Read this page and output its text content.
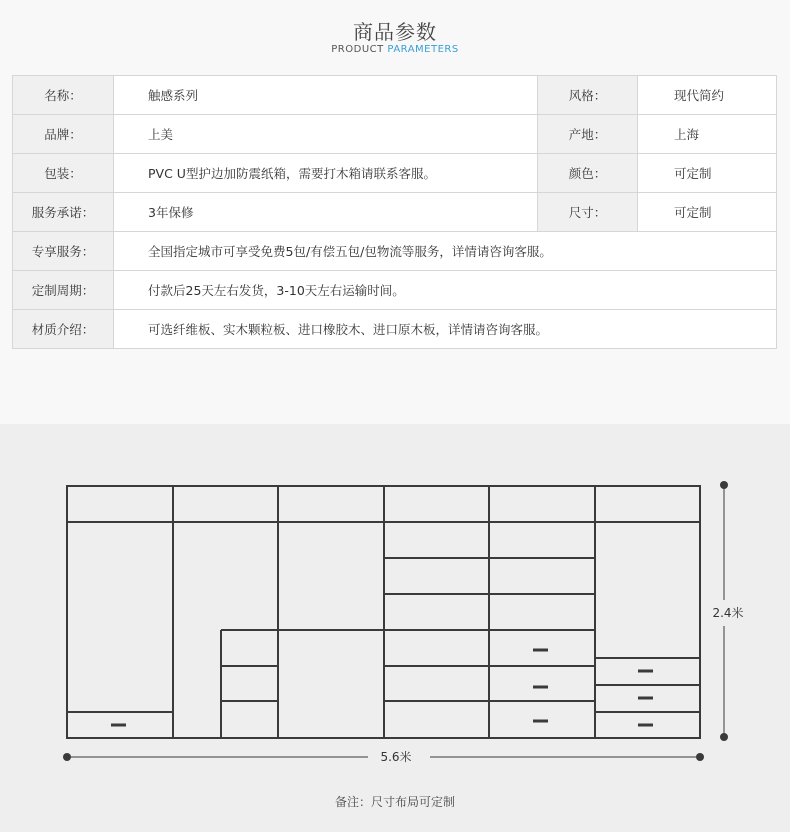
商品参数
PRODUCT PARAMETERS
名称：	触感系列	风格：	现代简约
品牌：	上美	产地：	上海
包装：	PVC U型护边加防震纸箱，需要打木箱请联系客服。	颜色：	可定制
服务承诺：	3年保修	尺寸：	可定制
专享服务：	全国指定城市可享受免费5包/有偿五包/包物流等服务，详情请咨询客服。		
定制周期：	付款后25天左右发货，3-10天左右运输时间。		
材质介绍：	可选纤维板、实木颗粒板、进口橡胶木、进口原木板，详情请咨询客服。		
2.4米
5.6米
备注：尺寸布局可定制
